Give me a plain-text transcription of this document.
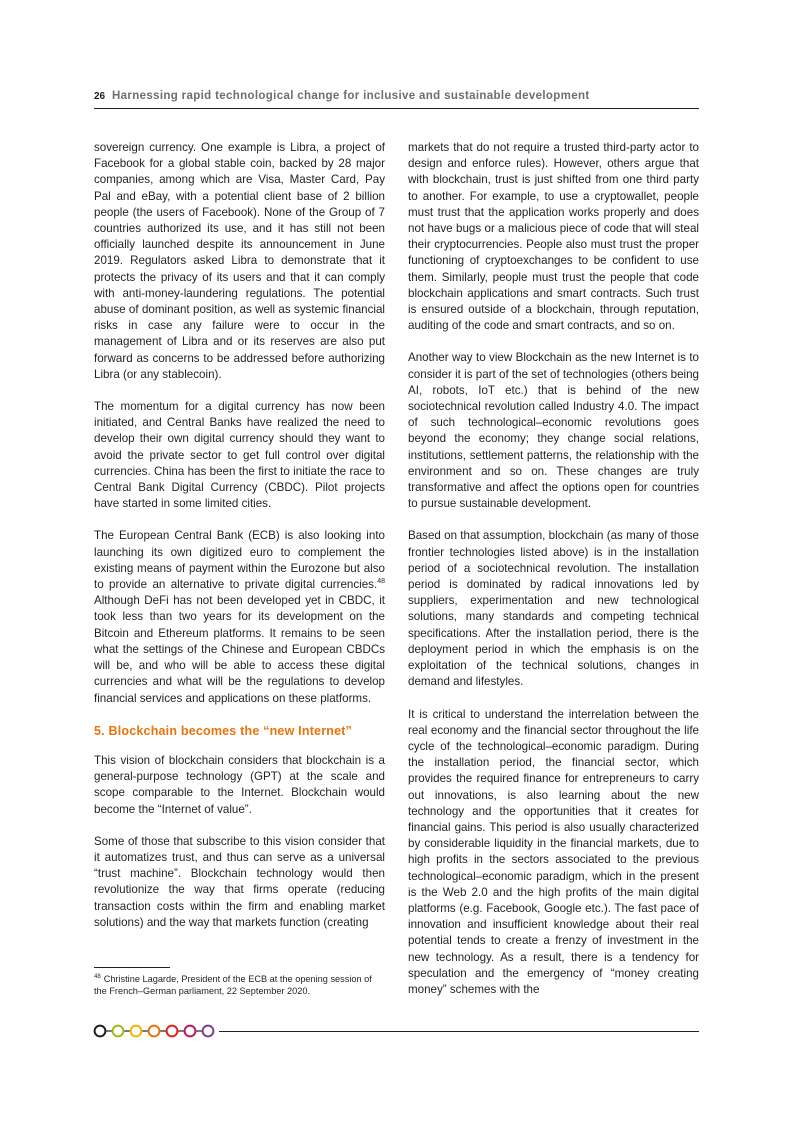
26 Harnessing rapid technological change for inclusive and sustainable development

sovereign currency. One example is Libra, a project of Facebook for a global stable coin, backed by 28 major companies, among which are Visa, Master Card, Pay Pal and eBay, with a potential client base of 2 billion people (the users of Facebook). None of the Group of 7 countries authorized its use, and it has still not been officially launched despite its announcement in June 2019. Regulators asked Libra to demonstrate that it protects the privacy of its users and that it can comply with anti-money-laundering regulations. The potential abuse of dominant position, as well as systemic financial risks in case any failure were to occur in the management of Libra and or its reserves are also put forward as concerns to be addressed before authorizing Libra (or any stablecoin).

The momentum for a digital currency has now been initiated, and Central Banks have realized the need to develop their own digital currency should they want to avoid the private sector to get full control over digital currencies. China has been the first to initiate the race to Central Bank Digital Currency (CBDC). Pilot projects have started in some limited cities.

The European Central Bank (ECB) is also looking into launching its own digitized euro to complement the existing means of payment within the Eurozone but also to provide an alternative to private digital currencies.$^{48}$ Although DeFi has not been developed yet in CBDC, it took less than two years for its development on the Bitcoin and Ethereum platforms. It remains to be seen what the settings of the Chinese and European CBDCs will be, and who will be able to access these digital currencies and what will be the regulations to develop financial services and applications on these platforms.

5. Blockchain becomes the “new Internet”

This vision of blockchain considers that blockchain is a general-purpose technology (GPT) at the scale and scope comparable to the Internet. Blockchain would become the “Internet of value”.

Some of those that subscribe to this vision consider that it automatizes trust, and thus can serve as a universal “trust machine”. Blockchain technology would then revolutionize the way that firms operate (reducing transaction costs within the firm and enabling market solutions) and the way that markets function (creating

markets that do not require a trusted third-party actor to design and enforce rules). However, others argue that with blockchain, trust is just shifted from one third party to another. For example, to use a cryptowallet, people must trust that the application works properly and does not have bugs or a malicious piece of code that will steal their cryptocurrencies. People also must trust the proper functioning of cryptoexchanges to be confident to use them. Similarly, people must trust the people that code blockchain applications and smart contracts. Such trust is ensured outside of a blockchain, through reputation, auditing of the code and smart contracts, and so on.

Another way to view Blockchain as the new Internet is to consider it is part of the set of technologies (others being AI, robots, IoT etc.) that is behind of the new sociotechnical revolution called Industry 4.0. The impact of such technological–economic revolutions goes beyond the economy; they change social relations, institutions, settlement patterns, the relationship with the environment and so on. These changes are truly transformative and affect the options open for countries to pursue sustainable development.

Based on that assumption, blockchain (as many of those frontier technologies listed above) is in the installation period of a sociotechnical revolution. The installation period is dominated by radical innovations led by suppliers, experimentation and new technological solutions, many standards and competing technical specifications. After the installation period, there is the deployment period in which the emphasis is on the exploitation of the technical solutions, changes in demand and lifestyles.

It is critical to understand the interrelation between the real economy and the financial sector throughout the life cycle of the technological–economic paradigm. During the installation period, the financial sector, which provides the required finance for entrepreneurs to carry out innovations, is also learning about the new technology and the opportunities that it creates for financial gains. This period is also usually characterized by considerable liquidity in the financial markets, due to high profits in the sectors associated to the previous technological–economic paradigm, which in the present is the Web 2.0 and the high profits of the main digital platforms (e.g. Facebook, Google etc.). The fast pace of innovation and insufficient knowledge about their real potential tends to create a frenzy of investment in the new technology. As a result, there is a tendency for speculation and the emergency of “money creating money” schemes with the

$^{48}$ Christine Lagarde, President of the ECB at the opening session of the French–German parliament, 22 September 2020.
